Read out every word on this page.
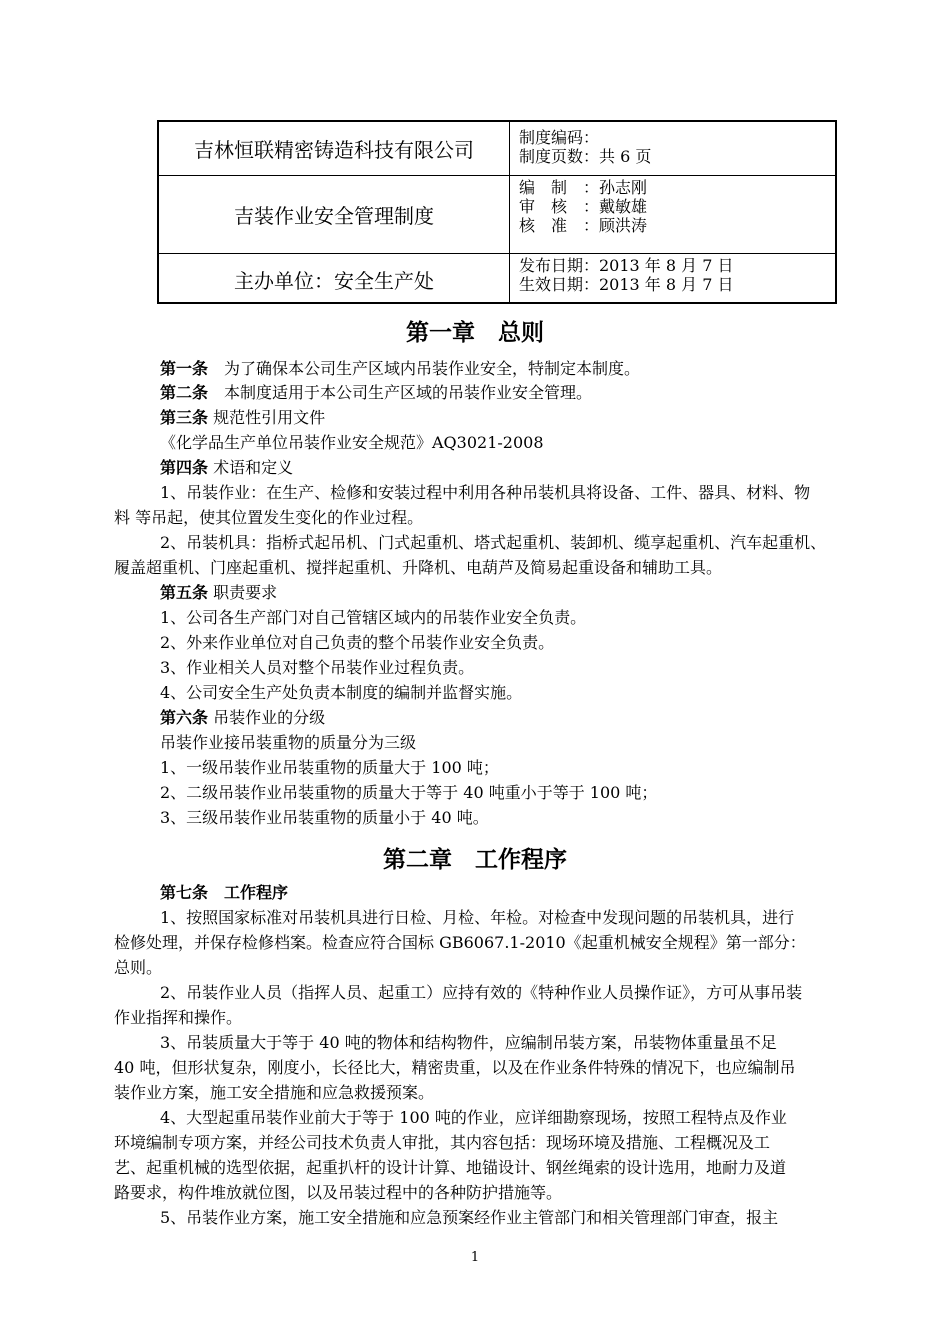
吉林恒联精密铸造科技有限公司
制度编码：
制度页数：共 6 页
吉装作业安全管理制度
编　制　：孙志刚
审　核　：戴敏雄
核　准　：顾洪涛
主办单位：安全生产处
发布日期：2013 年 8 月 7 日
生效日期：2013 年 8 月 7 日
第一章　总则
第一条　为了确保本公司生产区域内吊装作业安全，特制定本制度。
第二条　本制度适用于本公司生产区域的吊装作业安全管理。
第三条 规范性引用文件
《化学品生产单位吊装作业安全规范》AQ3021-2008
第四条 术语和定义
1、吊装作业：在生产、检修和安装过程中利用各种吊装机具将设备、工件、器具、材料、物
料 等吊起，使其位置发生变化的作业过程。
2、吊装机具：指桥式起吊机、门式起重机、塔式起重机、装卸机、缆享起重机、汽车起重机、
履盖超重机、门座起重机、搅拌起重机、升降机、电葫芦及简易起重设备和辅助工具。
第五条 职责要求
1、公司各生产部门对自己管辖区域内的吊装作业安全负责。
2、外来作业单位对自己负责的整个吊装作业安全负责。
3、作业相关人员对整个吊装作业过程负责。
4、公司安全生产处负责本制度的编制并监督实施。
第六条 吊装作业的分级
吊装作业接吊装重物的质量分为三级
1、一级吊装作业吊装重物的质量大于 100 吨；
2、二级吊装作业吊装重物的质量大于等于 40 吨重小于等于 100 吨；
3、三级吊装作业吊装重物的质量小于 40 吨。
第二章　工作程序
第七条　工作程序
1、按照国家标准对吊装机具进行日检、月检、年检。对检查中发现问题的吊装机具，进行
检修处理，并保存检修档案。检查应符合国标 GB6067.1-2010《起重机械安全规程》第一部分：
总则。
2、吊装作业人员（指挥人员、起重工）应持有效的《特种作业人员操作证》，方可从事吊装
作业指挥和操作。
3、吊装质量大于等于 40 吨的物体和结构物件，应编制吊装方案，吊装物体重量虽不足
40 吨，但形状复杂，刚度小，长径比大，精密贵重，以及在作业条件特殊的情况下，也应编制吊
装作业方案，施工安全措施和应急救援预案。
4、大型起重吊装作业前大于等于 100 吨的作业，应详细勘察现场，按照工程特点及作业
环境编制专项方案，并经公司技术负责人审批，其内容包括：现场环境及措施、工程概况及工
艺、起重机械的选型依据，起重扒杆的设计计算、地锚设计、钢丝绳索的设计选用，地耐力及道
路要求，构件堆放就位图，以及吊装过程中的各种防护措施等。
5、吊装作业方案，施工安全措施和应急预案经作业主管部门和相关管理部门审查，报主
1
